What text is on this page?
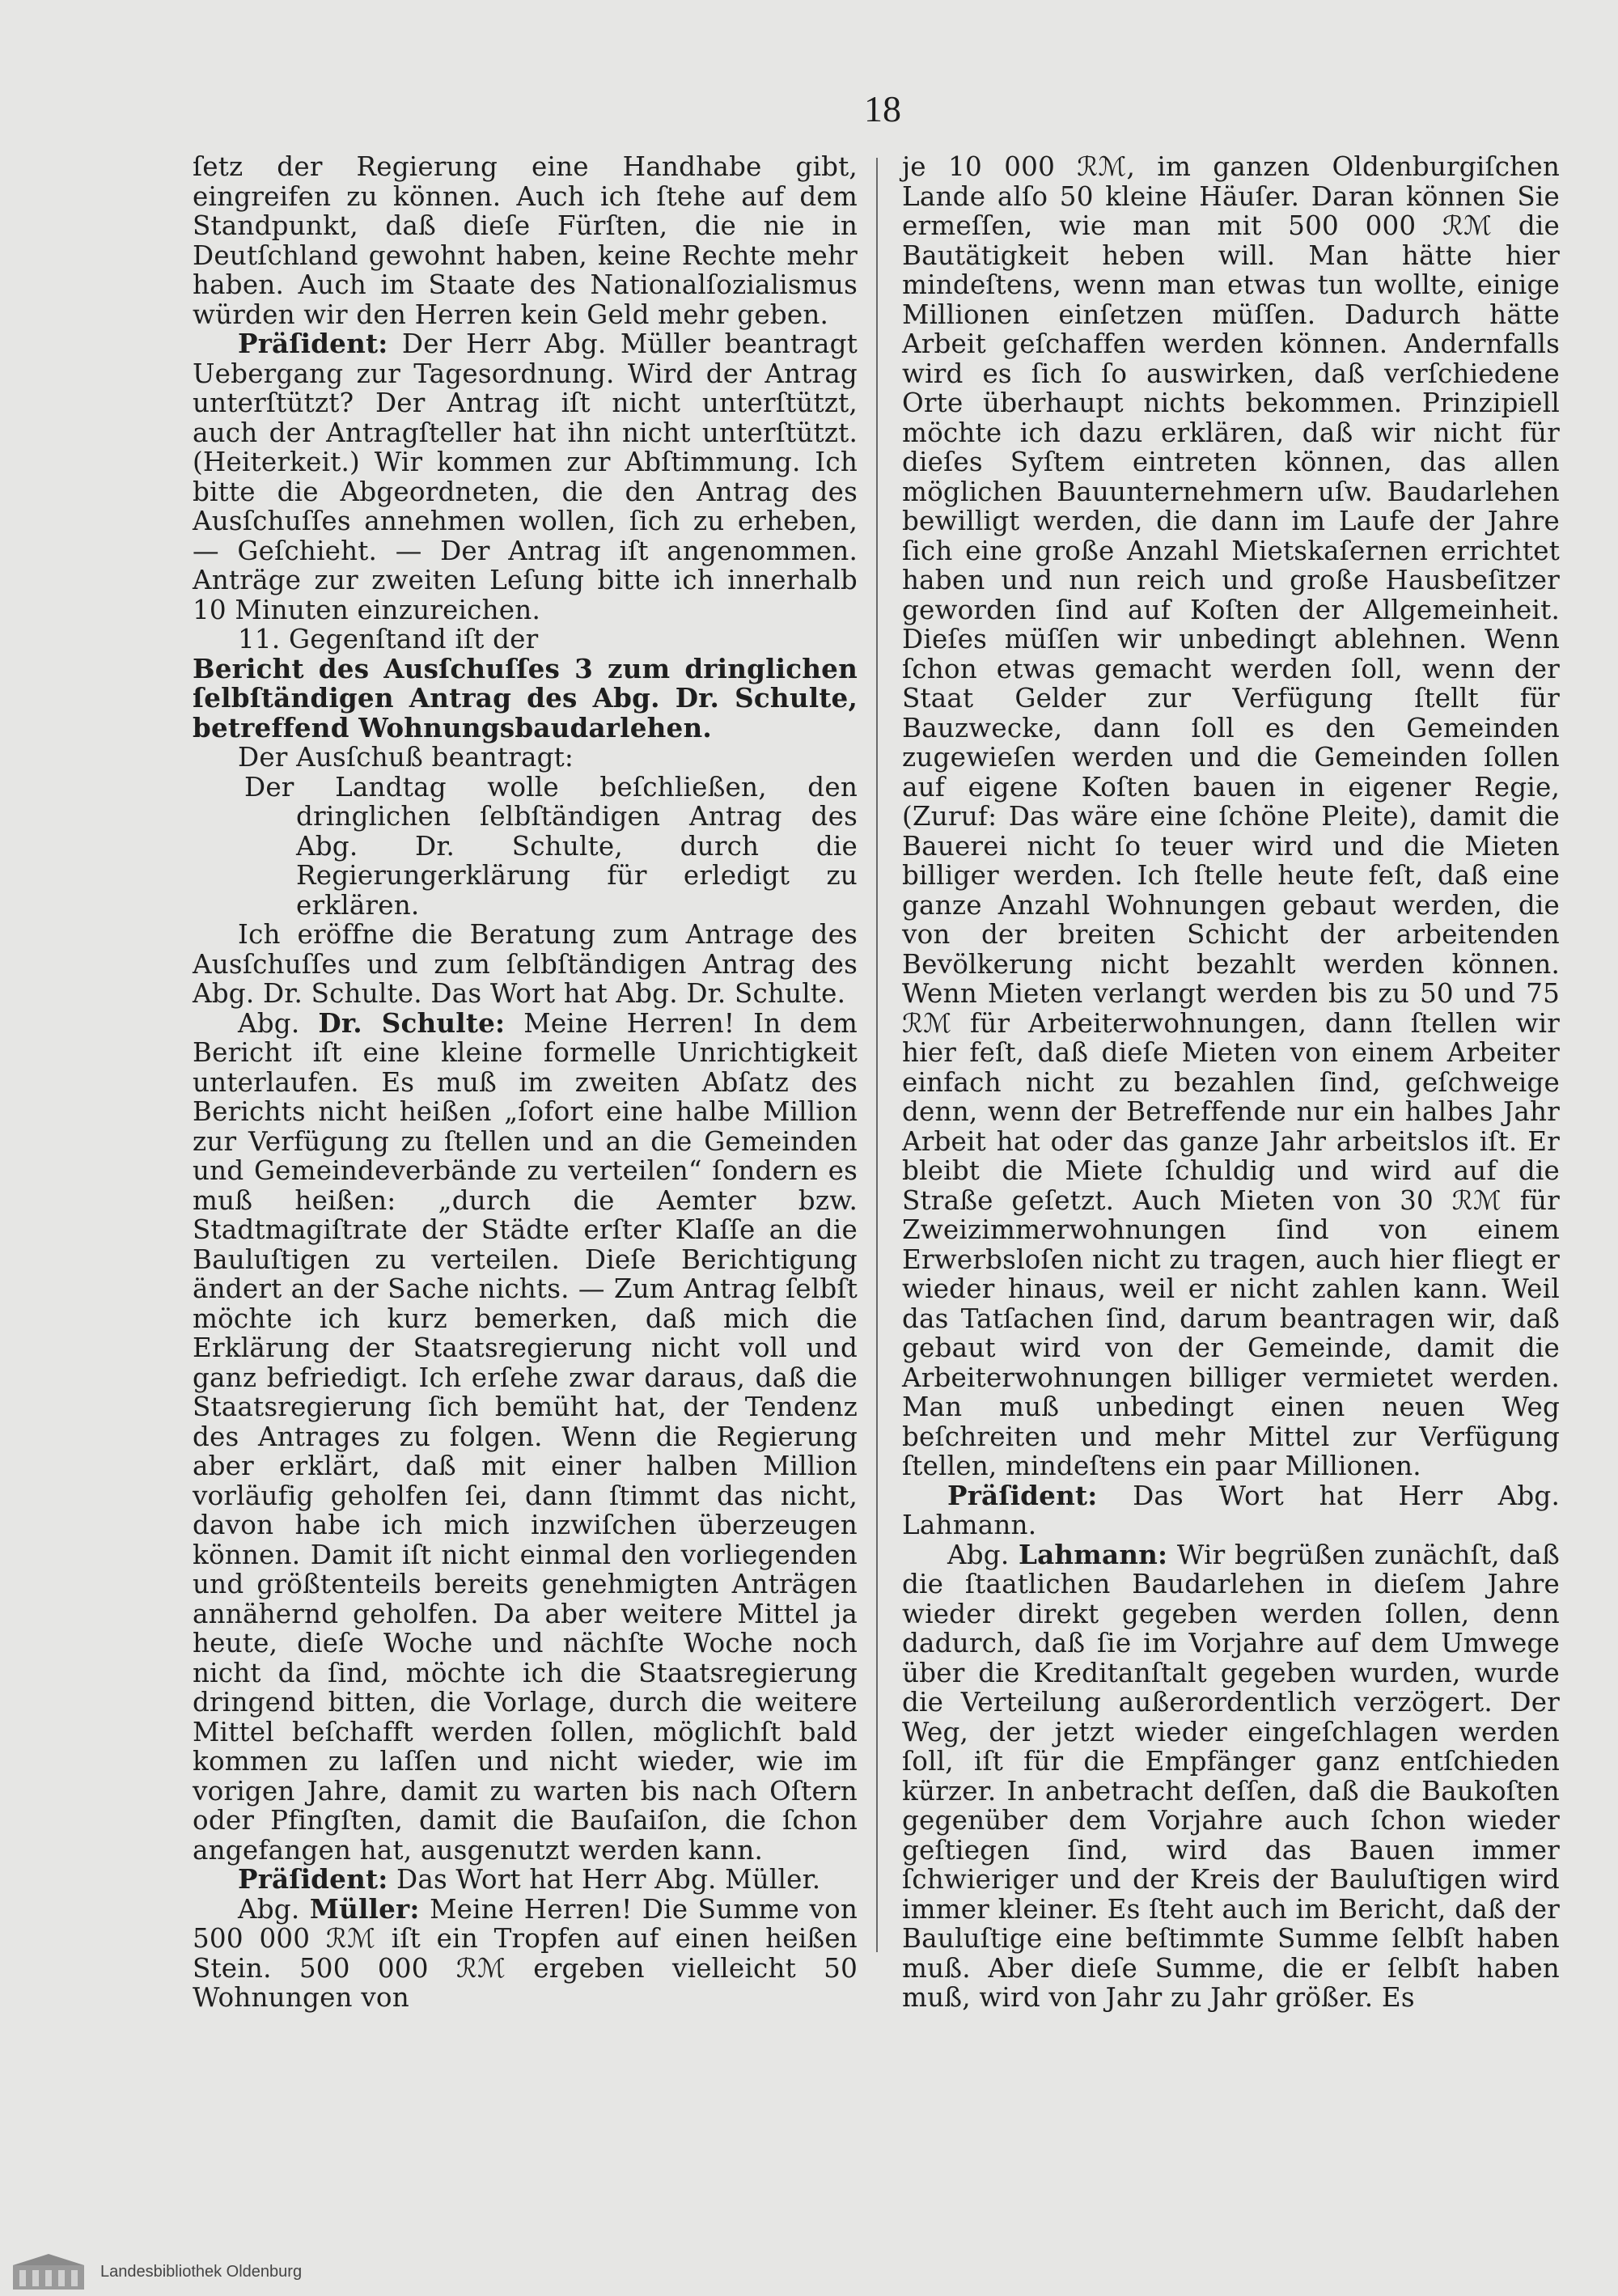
18

ſetz der Regierung eine Handhabe gibt, eingreifen zu können. Auch ich ſtehe auf dem Standpunkt, daß dieſe Fürſten, die nie in Deutſchland gewohnt haben, keine Rechte mehr haben. Auch im Staate des Nationalſozialismus würden wir den Herren kein Geld mehr geben.

Präſident: Der Herr Abg. Müller beantragt Uebergang zur Tagesordnung. Wird der Antrag unterſtützt? Der Antrag iſt nicht unterſtützt, auch der Antragſteller hat ihn nicht unterſtützt. (Heiterkeit.) Wir kommen zur Abſtimmung. Ich bitte die Abgeordneten, die den Antrag des Ausſchuſſes annehmen wollen, ſich zu erheben, — Geſchieht. — Der Antrag iſt angenommen. Anträge zur zweiten Leſung bitte ich innerhalb 10 Minuten einzureichen.

11. Gegenſtand iſt der

Bericht des Ausſchuſſes 3 zum dringlichen ſelbſtändigen Antrag des Abg. Dr. Schulte, betreffend Wohnungsbaudarlehen.

Der Ausſchuß beantragt:

Der Landtag wolle beſchließen, den dringlichen ſelbſtändigen Antrag des Abg. Dr. Schulte, durch die Regierungerklärung für erledigt zu erklären.

Ich eröffne die Beratung zum Antrage des Ausſchuſſes und zum ſelbſtändigen Antrag des Abg. Dr. Schulte. Das Wort hat Abg. Dr. Schulte.

Abg. Dr. Schulte: Meine Herren! In dem Bericht iſt eine kleine formelle Unrichtigkeit unterlaufen. Es muß im zweiten Abſatz des Berichts nicht heißen „ſofort eine halbe Million zur Verfügung zu ſtellen und an die Gemeinden und Gemeindeverbände zu verteilen“ ſondern es muß heißen: „durch die Aemter bzw. Stadtmagiſtrate der Städte erſter Klaſſe an die Bauluſtigen zu verteilen. Dieſe Berichtigung ändert an der Sache nichts. — Zum Antrag ſelbſt möchte ich kurz bemerken, daß mich die Erklärung der Staatsregierung nicht voll und ganz befriedigt. Ich erſehe zwar daraus, daß die Staatsregierung ſich bemüht hat, der Tendenz des Antrages zu folgen. Wenn die Regierung aber erklärt, daß mit einer halben Million vorläufig geholfen ſei, dann ſtimmt das nicht, davon habe ich mich inzwiſchen überzeugen können. Damit iſt nicht einmal den vorliegenden und größtenteils bereits genehmigten Anträgen annähernd geholfen. Da aber weitere Mittel ja heute, dieſe Woche und nächſte Woche noch nicht da ſind, möchte ich die Staatsregierung dringend bitten, die Vorlage, durch die weitere Mittel beſchafft werden ſollen, möglichſt bald kommen zu laſſen und nicht wieder, wie im vorigen Jahre, damit zu warten bis nach Oſtern oder Pfingſten, damit die Bauſaiſon, die ſchon angefangen hat, ausgenutzt werden kann.

Präſident: Das Wort hat Herr Abg. Müller.

Abg. Müller: Meine Herren! Die Summe von 500 000 ℛℳ iſt ein Tropfen auf einen heißen Stein. 500 000 ℛℳ ergeben vielleicht 50 Wohnungen von

je 10 000 ℛℳ, im ganzen Oldenburgiſchen Lande alſo 50 kleine Häuſer. Daran können Sie ermeſſen, wie man mit 500 000 ℛℳ die Bautätigkeit heben will. Man hätte hier mindeſtens, wenn man etwas tun wollte, einige Millionen einſetzen müſſen. Dadurch hätte Arbeit geſchaffen werden können. Andernfalls wird es ſich ſo auswirken, daß verſchiedene Orte überhaupt nichts bekommen. Prinzipiell möchte ich dazu erklären, daß wir nicht für dieſes Syſtem eintreten können, das allen möglichen Bauunternehmern uſw. Baudarlehen bewilligt werden, die dann im Laufe der Jahre ſich eine große Anzahl Mietskaſernen errichtet haben und nun reich und große Hausbeſitzer geworden ſind auf Koſten der Allgemeinheit. Dieſes müſſen wir unbedingt ablehnen. Wenn ſchon etwas gemacht werden ſoll, wenn der Staat Gelder zur Verfügung ſtellt für Bauzwecke, dann ſoll es den Gemeinden zugewieſen werden und die Gemeinden ſollen auf eigene Koſten bauen in eigener Regie, (Zuruf: Das wäre eine ſchöne Pleite), damit die Bauerei nicht ſo teuer wird und die Mieten billiger werden. Ich ſtelle heute feſt, daß eine ganze Anzahl Wohnungen gebaut werden, die von der breiten Schicht der arbeitenden Bevölkerung nicht bezahlt werden können. Wenn Mieten verlangt werden bis zu 50 und 75 ℛℳ für Arbeiterwohnungen, dann ſtellen wir hier feſt, daß dieſe Mieten von einem Arbeiter einfach nicht zu bezahlen ſind, geſchweige denn, wenn der Betreffende nur ein halbes Jahr Arbeit hat oder das ganze Jahr arbeitslos iſt. Er bleibt die Miete ſchuldig und wird auf die Straße geſetzt. Auch Mieten von 30 ℛℳ für Zweizimmerwohnungen ſind von einem Erwerbsloſen nicht zu tragen, auch hier fliegt er wieder hinaus, weil er nicht zahlen kann. Weil das Tatſachen ſind, darum beantragen wir, daß gebaut wird von der Gemeinde, damit die Arbeiterwohnungen billiger vermietet werden. Man muß unbedingt einen neuen Weg beſchreiten und mehr Mittel zur Verfügung ſtellen, mindeſtens ein paar Millionen.

Präſident: Das Wort hat Herr Abg. Lahmann.

Abg. Lahmann: Wir begrüßen zunächſt, daß die ſtaatlichen Baudarlehen in dieſem Jahre wieder direkt gegeben werden ſollen, denn dadurch, daß ſie im Vorjahre auf dem Umwege über die Kreditanſtalt gegeben wurden, wurde die Verteilung außerordentlich verzögert. Der Weg, der jetzt wieder eingeſchlagen werden ſoll, iſt für die Empfänger ganz entſchieden kürzer. In anbetracht deſſen, daß die Baukoſten gegenüber dem Vorjahre auch ſchon wieder geſtiegen ſind, wird das Bauen immer ſchwieriger und der Kreis der Bauluſtigen wird immer kleiner. Es ſteht auch im Bericht, daß der Bauluſtige eine beſtimmte Summe ſelbſt haben muß. Aber dieſe Summe, die er ſelbſt haben muß, wird von Jahr zu Jahr größer. Es

Landesbibliothek Oldenburg
